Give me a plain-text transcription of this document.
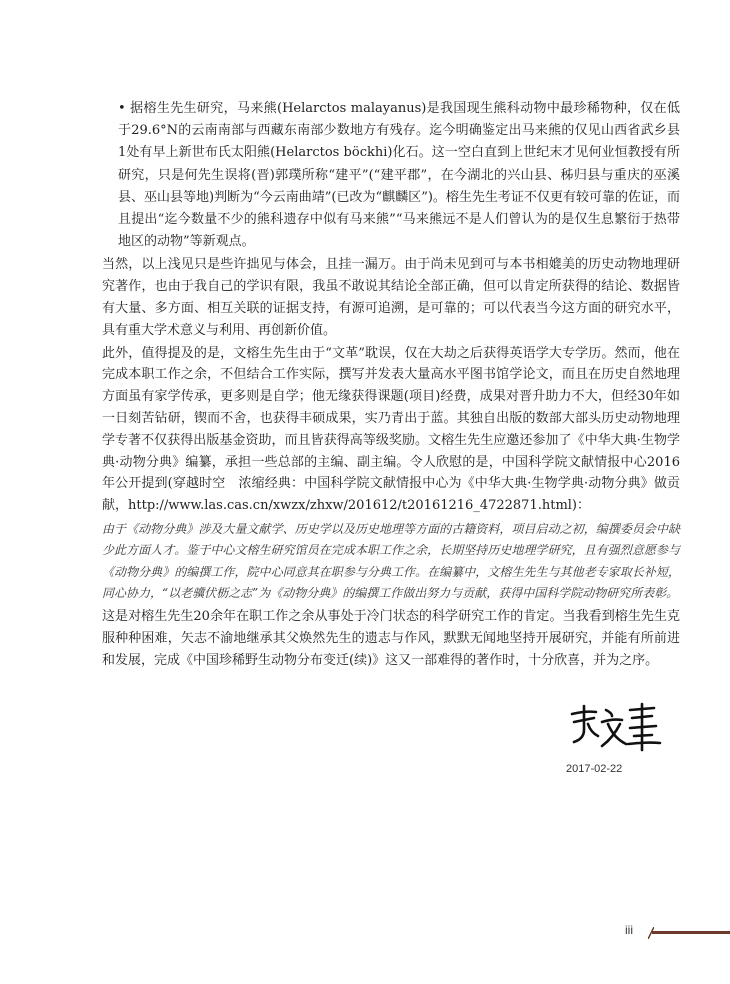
• 据榕生先生研究，马来熊(Helarctos malayanus)是我国现生熊科动物中最珍稀物种，仅在低于29.6°N的云南南部与西藏东南部少数地方有残存。迄今明确鉴定出马来熊的仅见山西省武乡县1处有早上新世布氏太阳熊(Helarctos böckhi)化石。这一空白直到上世纪末才见何业恒教授有所研究，只是何先生误将(晋)郭璞所称“建平”(“建平郡”，在今湖北的兴山县、秭归县与重庆的巫溪县、巫山县等地)判断为“今云南曲靖”(已改为“麒麟区”)。榕生先生考证不仅更有较可靠的佐证，而且提出“迄今数量不少的熊科遗存中似有马来熊”“马来熊远不是人们曾认为的是仅生息繁衍于热带地区的动物”等新观点。

当然，以上浅见只是些许拙见与体会，且挂一漏万。由于尚未见到可与本书相媲美的历史动物地理研究著作，也由于我自己的学识有限，我虽不敢说其结论全部正确，但可以肯定所获得的结论、数据皆有大量、多方面、相互关联的证据支持，有源可追溯，是可靠的；可以代表当今这方面的研究水平，具有重大学术意义与利用、再创新价值。

此外，值得提及的是，文榕生先生由于“文革”耽误，仅在大劫之后获得英语学大专学历。然而，他在完成本职工作之余，不但结合工作实际，撰写并发表大量高水平图书馆学论文，而且在历史自然地理方面虽有家学传承，更多则是自学；他无缘获得课题(项目)经费，成果对晋升助力不大，但经30年如一日刻苦钻研，锲而不舍，也获得丰硕成果，实乃青出于蓝。其独自出版的数部大部头历史动物地理学专著不仅获得出版基金资助，而且皆获得高等级奖励。文榕生先生应邀还参加了《中华大典·生物学典·动物分典》编纂，承担一些总部的主编、副主编。令人欣慰的是，中国科学院文献情报中心2016年公开提到(穿越时空　浓缩经典：中国科学院文献情报中心为《中华大典·生物学典·动物分典》做贡献，http://www.las.cas.cn/xwzx/zhxw/201612/t20161216_4722871.html)：

由于《动物分典》涉及大量文献学、历史学以及历史地理等方面的古籍资料，项目启动之初，编撰委员会中缺少此方面人才。鉴于中心文榕生研究馆员在完成本职工作之余，长期坚持历史地理学研究，且有强烈意愿参与《动物分典》的编撰工作，院中心同意其在职参与分典工作。在编纂中，文榕生先生与其他老专家取长补短，同心协力，“以老骥伏枥之志”为《动物分典》的编撰工作做出努力与贡献，获得中国科学院动物研究所表彰。

这是对榕生先生20余年在职工作之余从事处于冷门状态的科学研究工作的肯定。当我看到榕生先生克服种种困难，矢志不渝地继承其父焕然先生的遗志与作风，默默无闻地坚持开展研究，并能有所前进和发展，完成《中国珍稀野生动物分布变迁(续)》这又一部难得的著作时，十分欣喜，并为之序。

2017-02-22
iii
